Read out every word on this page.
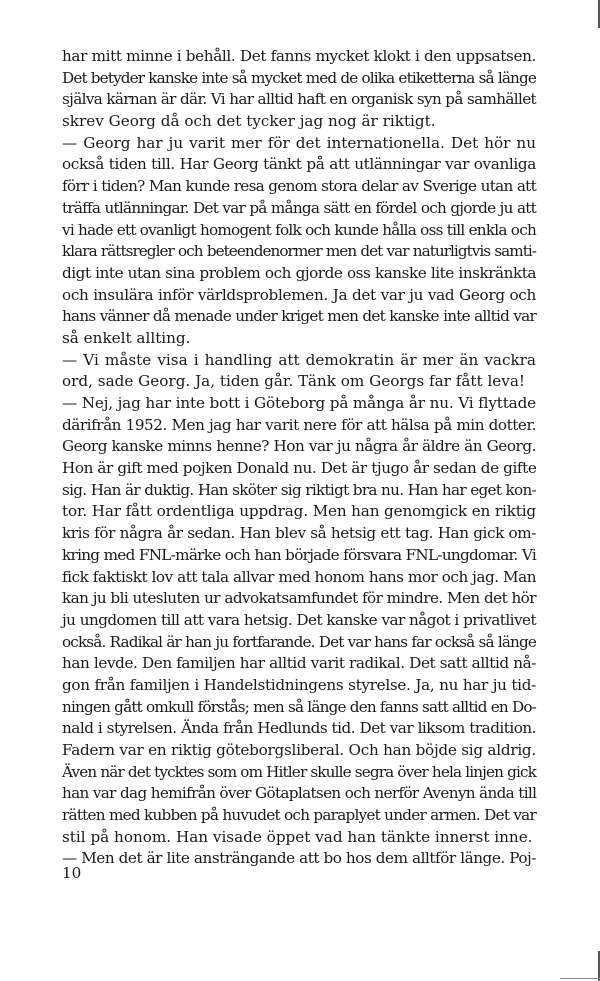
har mitt minne i behåll. Det fanns mycket klokt i den uppsatsen.
Det betyder kanske inte så mycket med de olika etiketterna så länge
själva kärnan är där. Vi har alltid haft en organisk syn på samhället
skrev Georg då och det tycker jag nog är riktigt.
— Georg har ju varit mer för det internationella. Det hör nu
också tiden till. Har Georg tänkt på att utlänningar var ovanliga
förr i tiden? Man kunde resa genom stora delar av Sverige utan att
träffa utlänningar. Det var på många sätt en fördel och gjorde ju att
vi hade ett ovanligt homogent folk och kunde hålla oss till enkla och
klara rättsregler och beteendenormer men det var naturligtvis samti-
digt inte utan sina problem och gjorde oss kanske lite inskränkta
och insulära inför världsproblemen. Ja det var ju vad Georg och
hans vänner då menade under kriget men det kanske inte alltid var
så enkelt allting.
— Vi måste visa i handling att demokratin är mer än vackra
ord, sade Georg. Ja, tiden går. Tänk om Georgs far fått leva!
— Nej, jag har inte bott i Göteborg på många år nu. Vi flyttade
därifrån 1952. Men jag har varit nere för att hälsa på min dotter.
Georg kanske minns henne? Hon var ju några år äldre än Georg.
Hon är gift med pojken Donald nu. Det är tjugo år sedan de gifte
sig. Han är duktig. Han sköter sig riktigt bra nu. Han har eget kon-
tor. Har fått ordentliga uppdrag. Men han genomgick en riktig
kris för några år sedan. Han blev så hetsig ett tag. Han gick om-
kring med FNL-märke och han började försvara FNL-ungdomar. Vi
fick faktiskt lov att tala allvar med honom hans mor och jag. Man
kan ju bli utesluten ur advokatsamfundet för mindre. Men det hör
ju ungdomen till att vara hetsig. Det kanske var något i privatlivet
också. Radikal är han ju fortfarande. Det var hans far också så länge
han levde. Den familjen har alltid varit radikal. Det satt alltid nå-
gon från familjen i Handelstidningens styrelse. Ja, nu har ju tid-
ningen gått omkull förstås; men så länge den fanns satt alltid en Do-
nald i styrelsen. Ända från Hedlunds tid. Det var liksom tradition.
Fadern var en riktig göteborgsliberal. Och han böjde sig aldrig.
Även när det tycktes som om Hitler skulle segra över hela linjen gick
han var dag hemifrån över Götaplatsen och nerför Avenyn ända till
rätten med kubben på huvudet och paraplyet under armen. Det var
stil på honom. Han visade öppet vad han tänkte innerst inne.
— Men det är lite ansträngande att bo hos dem alltför länge. Poj-
10
